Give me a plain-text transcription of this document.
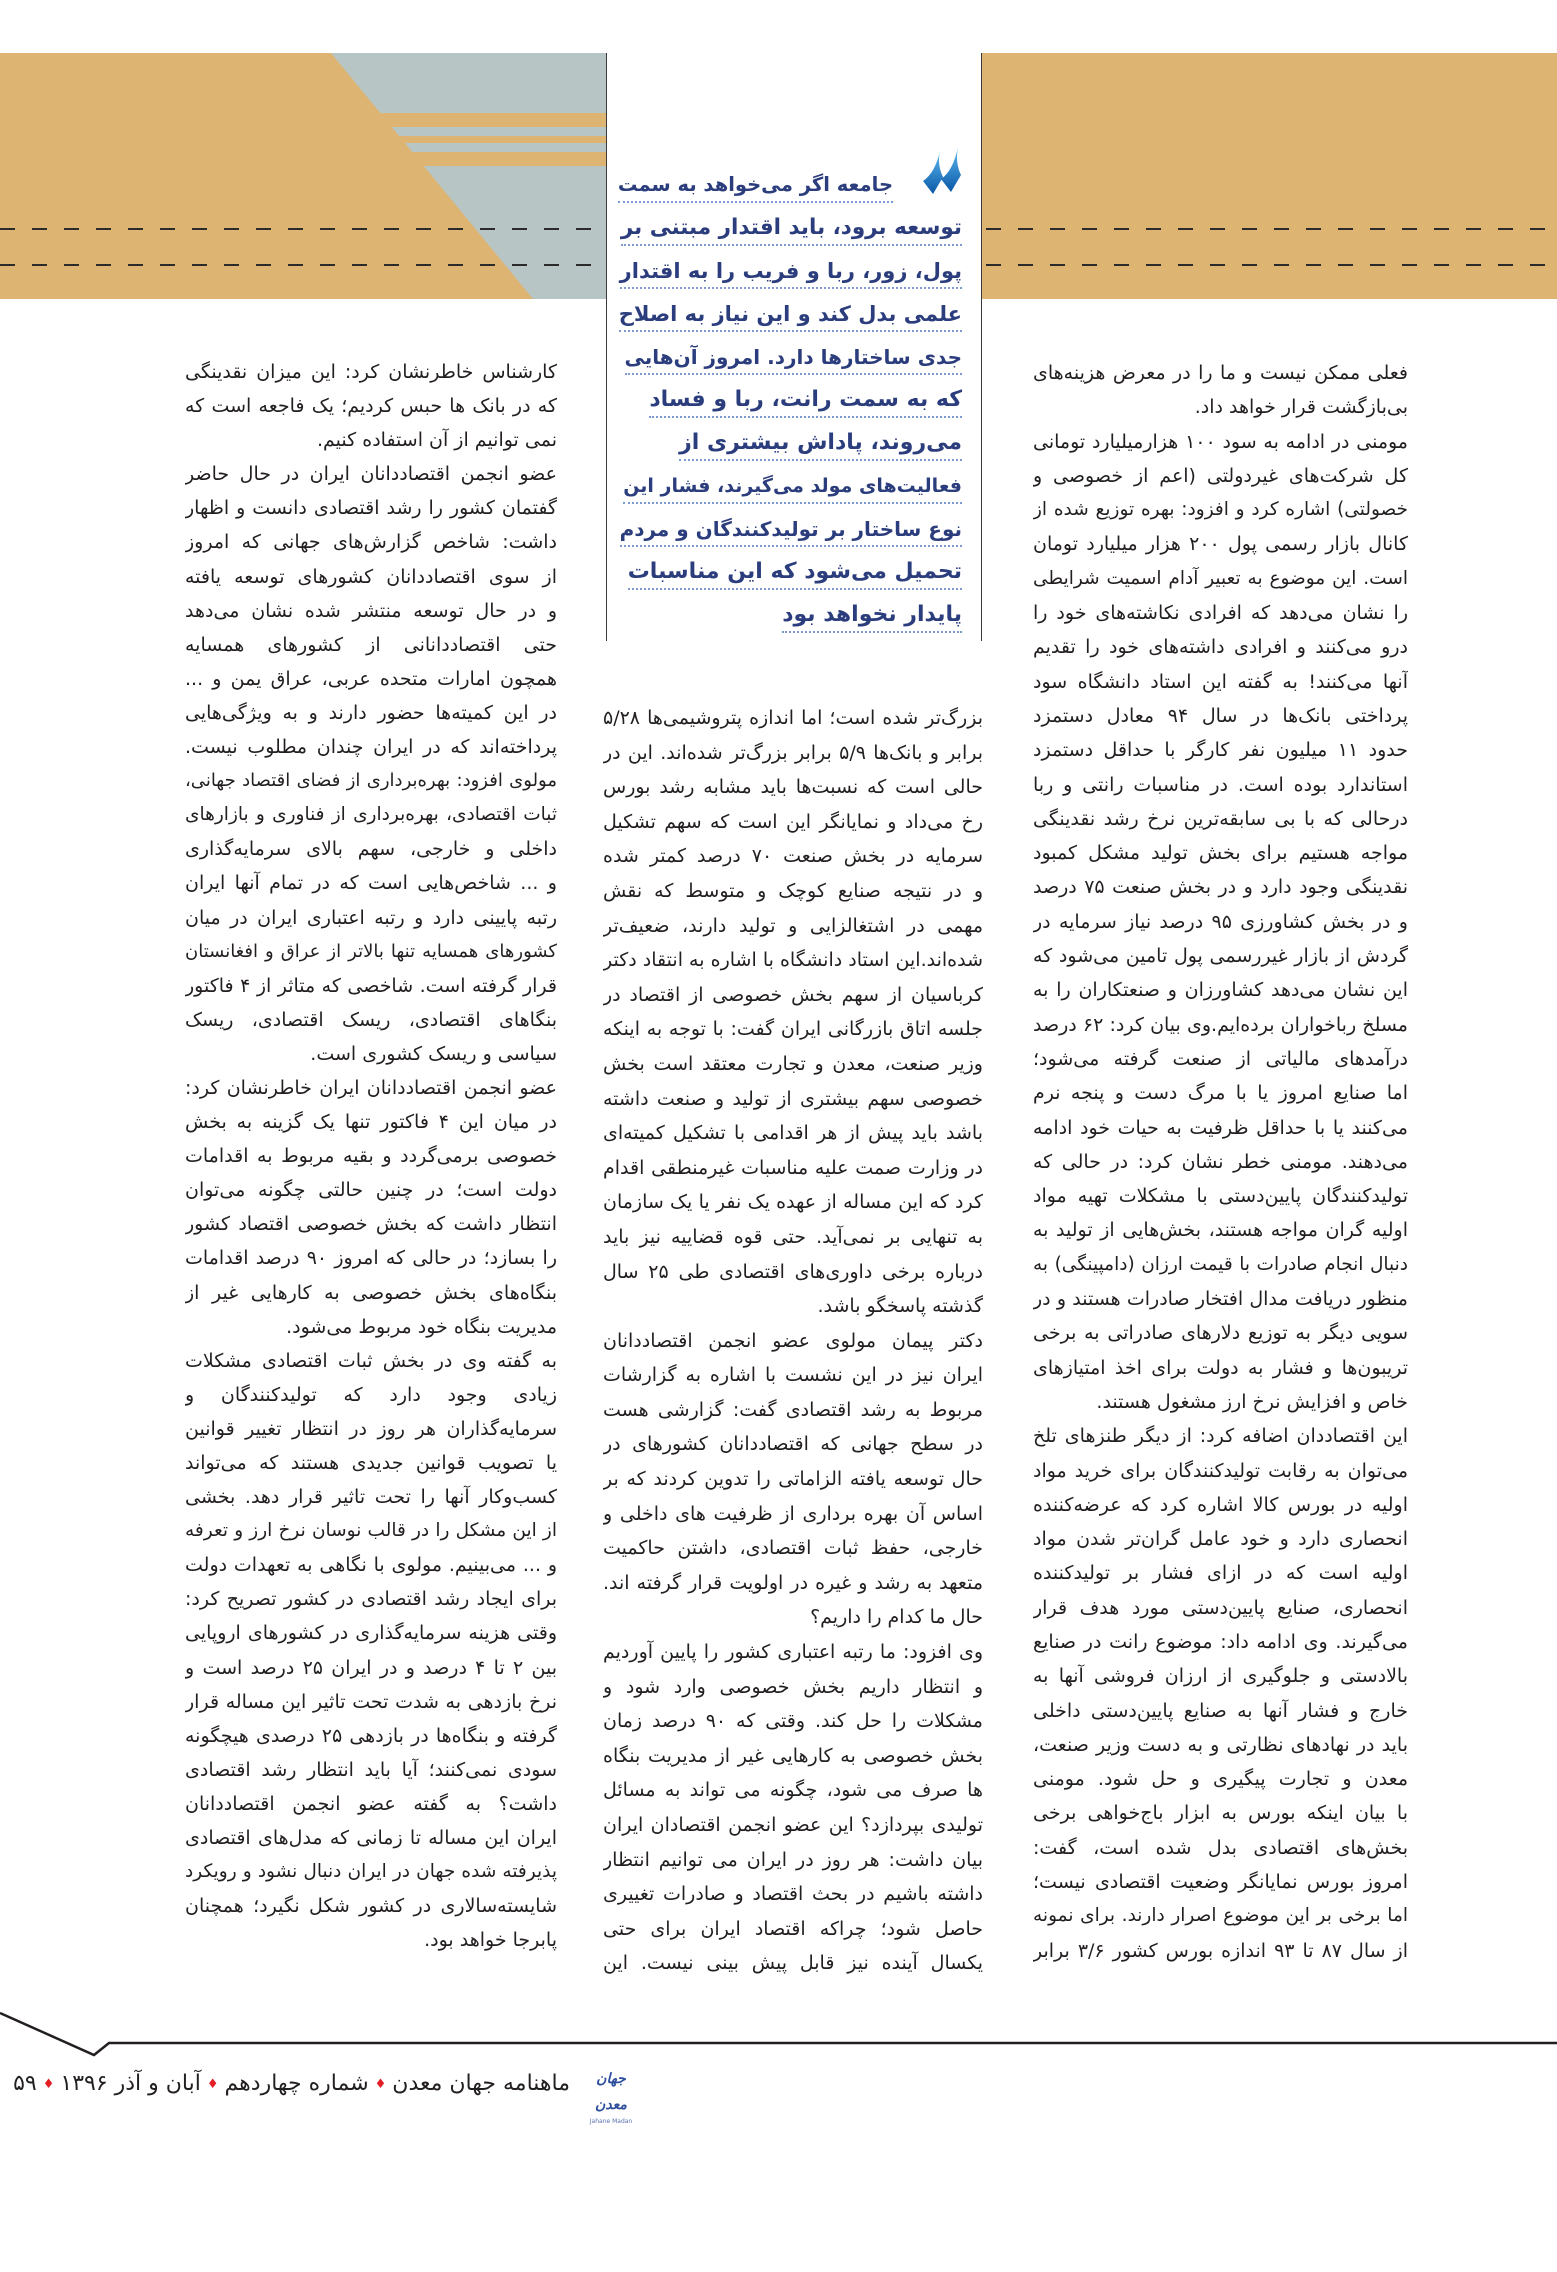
جامعه اگر می‌خواهد به سمت
توسعه برود، باید اقتدار مبتنی بر
پول، زور، ربا و فریب را به اقتدار
علمی بدل کند و این نیاز به اصلاح
جدی ساختارها دارد. امروز آن‌هایی
که به سمت رانت، ربا و فساد
می‌روند، پاداش بیشتری از
فعالیت‌های مولد می‌گیرند، فشار این
نوع ساختار بر تولیدکنندگان و مردم
تحمیل می‌شود که این مناسبات
پایدار نخواهد بود
فعلی ممکن نیست و ما را در معرض هزینه‌های
بی‌بازگشت قرار خواهد داد.
مومنی در ادامه به سود ۱۰۰ هزارمیلیارد تومانی
کل شرکت‌های غیردولتی (اعم از خصوصی و
خصولتی) اشاره کرد و افزود: بهره توزیع شده از
کانال بازار رسمی پول ۲۰۰ هزار میلیارد تومان
است. این موضوع به تعبیر آدام اسمیت شرایطی
را نشان می‌دهد که افرادی نکاشته‌های خود را
درو می‌کنند و افرادی داشته‌های خود را تقدیم
آنها می‌کنند! به گفته این استاد دانشگاه سود
پرداختی بانک‌ها در سال ۹۴ معادل دستمزد
حدود ۱۱ میلیون نفر کارگر با حداقل دستمزد
استاندارد بوده است. در مناسبات رانتی و ربا
درحالی که با بی سابقه‌ترین نرخ رشد نقدینگی
مواجه هستیم برای بخش تولید مشکل کمبود
نقدینگی وجود دارد و در بخش صنعت ۷۵ درصد
و در بخش کشاورزی ۹۵ درصد نیاز سرمایه در
گردش از بازار غیررسمی پول تامین می‌شود که
این نشان می‌دهد کشاورزان و صنعتکاران را به
مسلخ رباخواران برده‌ایم.وی بیان کرد: ۶۲ درصد
درآمدهای مالیاتی از صنعت گرفته می‌شود؛
اما صنایع امروز یا با مرگ دست و پنجه نرم
می‌کنند یا با حداقل ظرفیت به حیات خود ادامه
می‌دهند. مومنی خطر نشان کرد: در حالی که
تولیدکنندگان پایین‌دستی با مشکلات تهیه مواد
اولیه گران مواجه هستند، بخش‌هایی از تولید به
دنبال انجام صادرات با قیمت ارزان (دامپینگی) به
منظور دریافت مدال افتخار صادرات هستند و در
سویی دیگر به توزیع دلارهای صادراتی به برخی
تریبون‌ها و فشار به دولت برای اخذ امتیازهای
خاص و افزایش نرخ ارز مشغول هستند.
این اقتصاددان اضافه کرد: از دیگر طنزهای تلخ
می‌توان به رقابت تولیدکنندگان برای خرید مواد
اولیه در بورس کالا اشاره کرد که عرضه‌کننده
انحصاری دارد و خود عامل گران‌تر شدن مواد
اولیه است که در ازای فشار بر تولیدکننده
انحصاری، صنایع پایین‌دستی مورد هدف قرار
می‌گیرند. وی ادامه داد: موضوع رانت در صنایع
بالادستی و جلوگیری از ارزان فروشی آنها به
خارج و فشار آنها به صنایع پایین‌دستی داخلی
باید در نهادهای نظارتی و به دست وزیر صنعت،
معدن و تجارت پیگیری و حل شود. مومنی
با بیان اینکه بورس به ابزار باج‌خواهی برخی
بخش‌های اقتصادی بدل شده است، گفت:
امروز بورس نمایانگر وضعیت اقتصادی نیست؛
اما برخی بر این موضوع اصرار دارند. برای نمونه
از سال ۸۷ تا ۹۳ اندازه بورس کشور ۳/۶ برابر
بزرگ‌تر شده است؛ اما اندازه پتروشیمی‌ها ۵/۲۸
برابر و بانک‌ها ۵/۹ برابر بزرگ‌تر شده‌اند. این در
حالی است که نسبت‌ها باید مشابه رشد بورس
رخ می‌داد و نمایانگر این است که سهم تشکیل
سرمایه در بخش صنعت ۷۰ درصد کمتر شده
و در نتیجه صنایع کوچک و متوسط که نقش
مهمی در اشتغالزایی و تولید دارند، ضعیف‌تر
شده‌اند.این استاد دانشگاه با اشاره به انتقاد دکتر
کرباسیان از سهم بخش خصوصی از اقتصاد در
جلسه اتاق بازرگانی ایران گفت: با توجه به اینکه
وزیر صنعت، معدن و تجارت معتقد است بخش
خصوصی سهم بیشتری از تولید و صنعت داشته
باشد باید پیش از هر اقدامی با تشکیل کمیته‌ای
در وزارت صمت علیه مناسبات غیرمنطقی اقدام
کرد که این مساله از عهده یک نفر یا یک سازمان
به تنهایی بر نمی‌آید. حتی قوه قضاییه نیز باید
درباره برخی داوری‌های اقتصادی طی ۲۵ سال
گذشته پاسخگو باشد.
دکتر پیمان مولوی عضو انجمن اقتصاددانان
ایران نیز در این نشست با اشاره به گزارشات
مربوط به رشد اقتصادی گفت: گزارشی هست
در سطح جهانی که اقتصاددانان کشورهای در
حال توسعه یافته الزاماتی را تدوین کردند که بر
اساس آن بهره برداری از ظرفیت های داخلی و
خارجی، حفظ ثبات اقتصادی، داشتن حاکمیت
متعهد به رشد و غیره در اولویت قرار گرفته اند.
حال ما کدام را داریم؟
وی افزود: ما رتبه اعتباری کشور را پایین آوردیم
و انتظار داریم بخش خصوصی وارد شود و
مشکلات را حل کند. وقتی که ۹۰ درصد زمان
بخش خصوصی به کارهایی غیر از مدیریت بنگاه
ها صرف می شود، چگونه می تواند به مسائل
تولیدی بپردازد؟ این عضو انجمن اقتصادان ایران
بیان داشت: هر روز در ایران می توانیم انتظار
داشته باشیم در بحث اقتصاد و صادرات تغییری
حاصل شود؛ چراکه اقتصاد ایران برای حتی
یکسال آینده نیز قابل پیش بینی نیست. این
کارشناس خاطرنشان کرد: این میزان نقدینگی
که در بانک ها حبس کردیم؛ یک فاجعه است که
نمی توانیم از آن استفاده کنیم.
عضو انجمن اقتصاددانان ایران در حال حاضر
گفتمان کشور را رشد اقتصادی دانست و اظهار
داشت: شاخص گزارش‌های جهانی که امروز
از سوی اقتصاددانان کشورهای توسعه یافته
و در حال توسعه منتشر شده نشان می‌دهد
حتی اقتصاددانانی از کشورهای همسایه
همچون امارات متحده عربی، عراق یمن و ...
در این کمیته‌ها حضور دارند و به ویژگی‌هایی
پرداخته‌اند که در ایران چندان مطلوب نیست.
مولوی افزود: بهره‌برداری از فضای اقتصاد جهانی،
ثبات اقتصادی، بهره‌برداری از فناوری و بازارهای
داخلی و خارجی، سهم بالای سرمایه‌گذاری
و ... شاخص‌هایی است که در تمام آنها ایران
رتبه پایینی دارد و رتبه اعتباری ایران در میان
کشورهای همسایه تنها بالاتر از عراق و افغانستان
قرار گرفته است. شاخصی که متاثر از ۴ فاکتور
بنگاهای اقتصادی، ریسک اقتصادی، ریسک
سیاسی و ریسک کشوری است.
عضو انجمن اقتصاددانان ایران خاطرنشان کرد:
در میان این ۴ فاکتور تنها یک گزینه به بخش
خصوصی برمی‌گردد و بقیه مربوط به اقدامات
دولت است؛ در چنین حالتی چگونه می‌توان
انتظار داشت که بخش خصوصی اقتصاد کشور
را بسازد؛ در حالی که امروز ۹۰ درصد اقدامات
بنگاه‌های بخش خصوصی به کارهایی غیر از
مدیریت بنگاه خود مربوط می‌شود.
به گفته وی در بخش ثبات اقتصادی مشکلات
زیادی وجود دارد که تولیدکنندگان و
سرمایه‌گذاران هر روز در انتظار تغییر قوانین
یا تصویب قوانین جدیدی هستند که می‌تواند
کسب‌وکار آنها را تحت تاثیر قرار دهد. بخشی
از این مشکل را در قالب نوسان نرخ ارز و تعرفه
و ... می‌بینیم. مولوی با نگاهی به تعهدات دولت
برای ایجاد رشد اقتصادی در کشور تصریح کرد:
وقتی هزینه سرمایه‌گذاری در کشورهای اروپایی
بین ۲ تا ۴ درصد و در ایران ۲۵ درصد است و
نرخ بازدهی به شدت تحت تاثیر این مساله قرار
گرفته و بنگاه‌ها در بازدهی ۲۵ درصدی هیچگونه
سودی نمی‌کنند؛ آیا باید انتظار رشد اقتصادی
داشت؟ به گفته عضو انجمن اقتصاددانان
ایران این مساله تا زمانی که مدل‌های اقتصادی
پذیرفته شده جهان در ایران دنبال نشود و رویکرد
شایسته‌سالاری در کشور شکل نگیرد؛ همچنان
پابرجا خواهد بود.
جهان معدن
Jahane Madan
ماهنامه جهان معدن♦شماره چهاردهم♦آبان و آذر ۱۳۹۶♦۵۹
